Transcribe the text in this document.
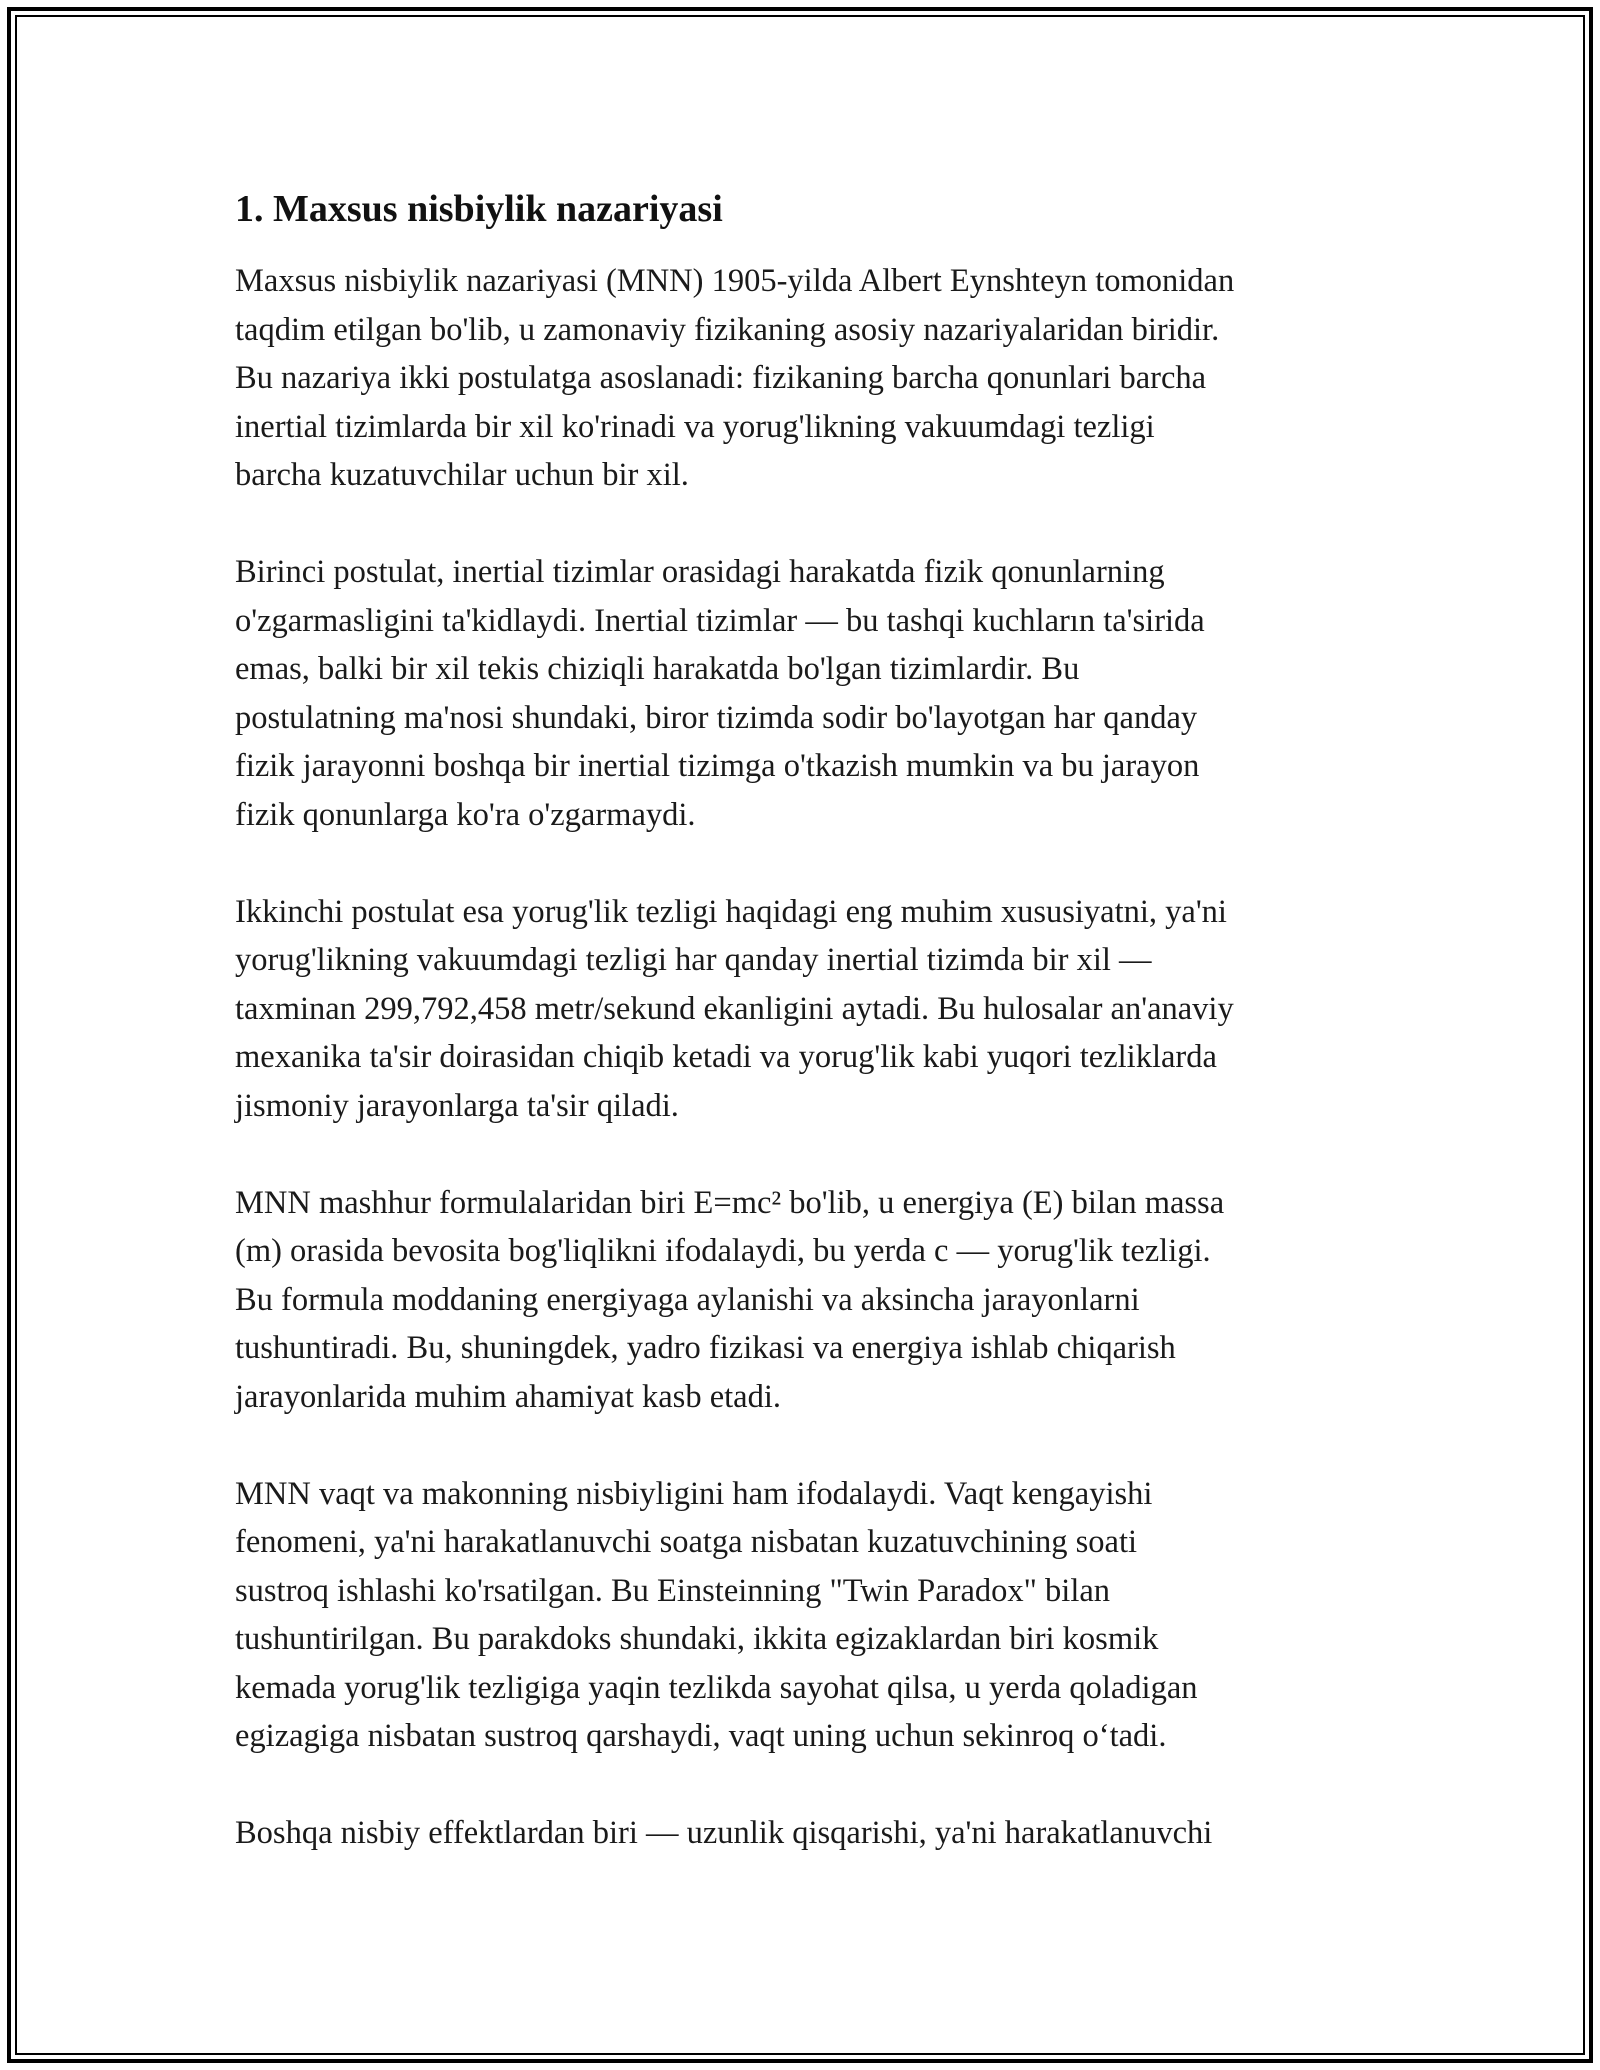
1. Maxsus nisbiylik nazariyasi

Maxsus nisbiylik nazariyasi (MNN) 1905-yilda Albert Eynshteyn tomonidan
taqdim etilgan bo'lib, u zamonaviy fizikaning asosiy nazariyalaridan biridir.
Bu nazariya ikki postulatga asoslanadi: fizikaning barcha qonunlari barcha
inertial tizimlarda bir xil ko'rinadi va yorug'likning vakuumdagi tezligi
barcha kuzatuvchilar uchun bir xil.

Birinci postulat, inertial tizimlar orasidagi harakatda fizik qonunlarning
o'zgarmasligini ta'kidlaydi. Inertial tizimlar — bu tashqi kuchların ta'sirida
emas, balki bir xil tekis chiziqli harakatda bo'lgan tizimlardir. Bu
postulatning ma'nosi shundaki, biror tizimda sodir bo'layotgan har qanday
fizik jarayonni boshqa bir inertial tizimga o'tkazish mumkin va bu jarayon
fizik qonunlarga ko'ra o'zgarmaydi.

Ikkinchi postulat esa yorug'lik tezligi haqidagi eng muhim xususiyatni, ya'ni
yorug'likning vakuumdagi tezligi har qanday inertial tizimda bir xil —
taxminan 299,792,458 metr/sekund ekanligini aytadi. Bu hulosalar an'anaviy
mexanika ta'sir doirasidan chiqib ketadi va yorug'lik kabi yuqori tezliklarda
jismoniy jarayonlarga ta'sir qiladi.

MNN mashhur formulalaridan biri E=mc² bo'lib, u energiya (E) bilan massa
(m) orasida bevosita bog'liqlikni ifodalaydi, bu yerda c — yorug'lik tezligi.
Bu formula moddaning energiyaga aylanishi va aksincha jarayonlarni
tushuntiradi. Bu, shuningdek, yadro fizikasi va energiya ishlab chiqarish
jarayonlarida muhim ahamiyat kasb etadi.

MNN vaqt va makonning nisbiyligini ham ifodalaydi. Vaqt kengayishi
fenomeni, ya'ni harakatlanuvchi soatga nisbatan kuzatuvchining soati
sustroq ishlashi ko'rsatilgan. Bu Einsteinning "Twin Paradox" bilan
tushuntirilgan. Bu parakdoks shundaki, ikkita egizaklardan biri kosmik
kemada yorug'lik tezligiga yaqin tezlikda sayohat qilsa, u yerda qoladigan
egizagiga nisbatan sustroq qarshaydi, vaqt uning uchun sekinroq o‘tadi.

Boshqa nisbiy effektlardan biri — uzunlik qisqarishi, ya'ni harakatlanuvchi
